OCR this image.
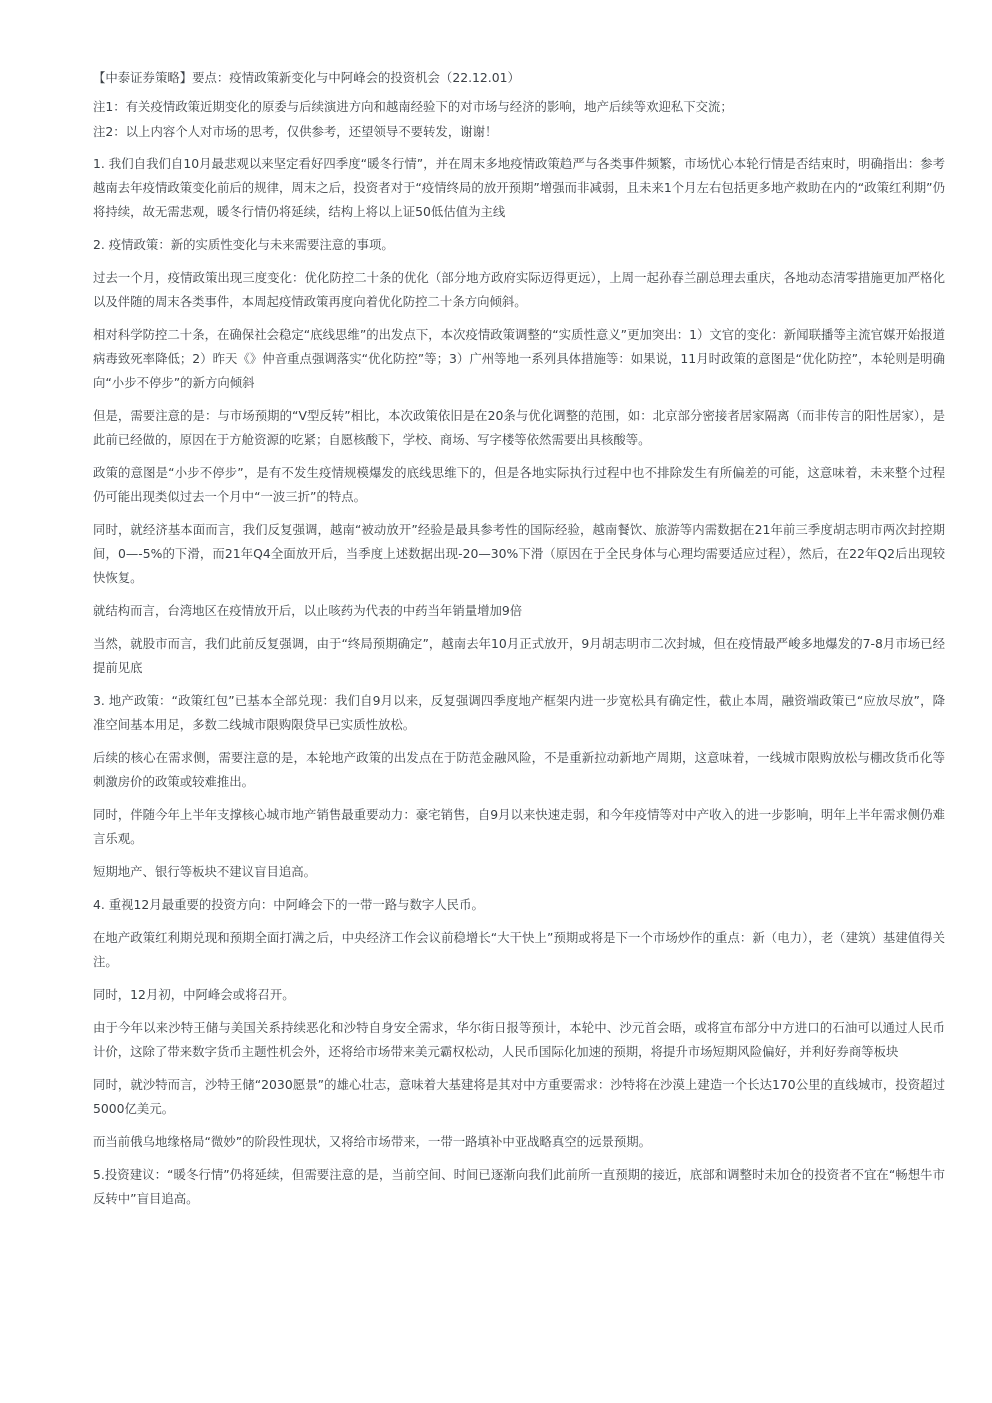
【中泰证券策略】要点：疫情政策新变化与中阿峰会的投资机会（22.12.01）

注1：有关疫情政策近期变化的原委与后续演进方向和越南经验下的对市场与经济的影响，地产后续等欢迎私下交流；

注2：以上内容个人对市场的思考，仅供参考，还望领导不要转发，谢谢！

1. 我们自我们自10月最悲观以来坚定看好四季度“暖冬行情”，并在周末多地疫情政策趋严与各类事件频繁，市场忧心本轮行情是否结束时，明确指出：参考越南去年疫情政策变化前后的规律，周末之后，投资者对于“疫情终局的放开预期”增强而非减弱，且未来1个月左右包括更多地产救助在内的“政策红利期”仍将持续，故无需悲观，暖冬行情仍将延续，结构上将以上证50低估值为主线

2. 疫情政策：新的实质性变化与未来需要注意的事项。

过去一个月，疫情政策出现三度变化：优化防控二十条的优化（部分地方政府实际迈得更远），上周一起孙春兰副总理去重庆，各地动态清零措施更加严格化以及伴随的周末各类事件，本周起疫情政策再度向着优化防控二十条方向倾斜。

相对科学防控二十条，在确保社会稳定“底线思维”的出发点下，本次疫情政策调整的“实质性意义”更加突出：1）文官的变化：新闻联播等主流官媒开始报道病毒致死率降低；2）昨天《》仲音重点强调落实“优化防控”等；3）广州等地一系列具体措施等：如果说，11月时政策的意图是“优化防控”，本轮则是明确向“小步不停步”的新方向倾斜

但是，需要注意的是：与市场预期的“V型反转”相比，本次政策依旧是在20条与优化调整的范围，如：北京部分密接者居家隔离（而非传言的阳性居家），是此前已经做的，原因在于方舱资源的吃紧；自愿核酸下，学校、商场、写字楼等依然需要出具核酸等。

政策的意图是“小步不停步”，是有不发生疫情规模爆发的底线思维下的，但是各地实际执行过程中也不排除发生有所偏差的可能，这意味着，未来整个过程仍可能出现类似过去一个月中“一波三折”的特点。

同时，就经济基本面而言，我们反复强调，越南“被动放开”经验是最具参考性的国际经验，越南餐饮、旅游等内需数据在21年前三季度胡志明市两次封控期间，0—-5%的下滑，而21年Q4全面放开后，当季度上述数据出现-20—30%下滑（原因在于全民身体与心理均需要适应过程），然后，在22年Q2后出现较快恢复。

就结构而言，台湾地区在疫情放开后，以止咳药为代表的中药当年销量增加9倍

当然，就股市而言，我们此前反复强调，由于“终局预期确定”，越南去年10月正式放开，9月胡志明市二次封城，但在疫情最严峻多地爆发的7-8月市场已经提前见底

3. 地产政策：“政策红包”已基本全部兑现：我们自9月以来，反复强调四季度地产框架内进一步宽松具有确定性，截止本周，融资端政策已“应放尽放”，降准空间基本用足，多数二线城市限购限贷早已实质性放松。

后续的核心在需求侧，需要注意的是，本轮地产政策的出发点在于防范金融风险，不是重新拉动新地产周期，这意味着，一线城市限购放松与棚改货币化等刺激房价的政策或较难推出。

同时，伴随今年上半年支撑核心城市地产销售最重要动力：豪宅销售，自9月以来快速走弱，和今年疫情等对中产收入的进一步影响，明年上半年需求侧仍难言乐观。

短期地产、银行等板块不建议盲目追高。

4. 重视12月最重要的投资方向：中阿峰会下的一带一路与数字人民币。

在地产政策红利期兑现和预期全面打满之后，中央经济工作会议前稳增长“大干快上”预期或将是下一个市场炒作的重点：新（电力），老（建筑）基建值得关注。

同时，12月初，中阿峰会或将召开。

由于今年以来沙特王储与美国关系持续恶化和沙特自身安全需求，华尔街日报等预计，本轮中、沙元首会晤，或将宣布部分中方进口的石油可以通过人民币计价，这除了带来数字货币主题性机会外，还将给市场带来美元霸权松动，人民币国际化加速的预期，将提升市场短期风险偏好，并利好券商等板块

同时，就沙特而言，沙特王储“2030愿景”的雄心壮志，意味着大基建将是其对中方重要需求：沙特将在沙漠上建造一个长达170公里的直线城市，投资超过5000亿美元。

而当前俄乌地缘格局“微妙”的阶段性现状，又将给市场带来，一带一路填补中亚战略真空的远景预期。

5.投资建议：“暖冬行情”仍将延续，但需要注意的是，当前空间、时间已逐渐向我们此前所一直预期的接近，底部和调整时未加仓的投资者不宜在“畅想牛市反转中”盲目追高。
